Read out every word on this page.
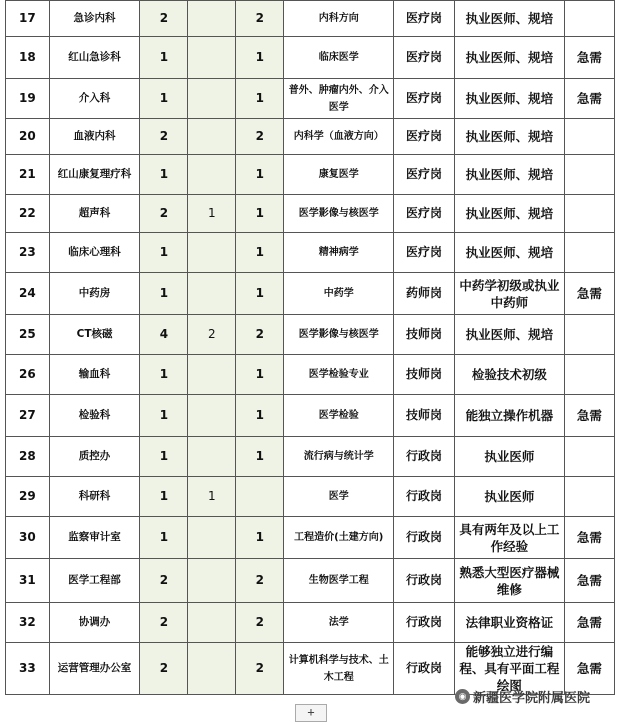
17	急诊内科	2		2	内科方向	医疗岗	执业医师、规培	
18	红山急诊科	1		1	临床医学	医疗岗	执业医师、规培	急需
19	介入科	1		1	普外、肿瘤内外、介入医学	医疗岗	执业医师、规培	急需
20	血液内科	2		2	内科学（血液方向）	医疗岗	执业医师、规培	
21	红山康复理疗科	1		1	康复医学	医疗岗	执业医师、规培	
22	超声科	2	1	1	医学影像与核医学	医疗岗	执业医师、规培	
23	临床心理科	1		1	精神病学	医疗岗	执业医师、规培	
24	中药房	1		1	中药学	药师岗	中药学初级或执业中药师	急需
25	CT核磁	4	2	2	医学影像与核医学	技师岗	执业医师、规培	
26	输血科	1		1	医学检验专业	技师岗	检验技术初级	
27	检验科	1		1	医学检验	技师岗	能独立操作机器	急需
28	质控办	1		1	流行病与统计学	行政岗	执业医师	
29	科研科	1	1		医学	行政岗	执业医师	
30	监察审计室	1		1	工程造价(土建方向)	行政岗	具有两年及以上工作经验	急需
31	医学工程部	2		2	生物医学工程	行政岗	熟悉大型医疗器械维修	急需
32	协调办	2		2	法学	行政岗	法律职业资格证	急需
33	运营管理办公室	2		2	计算机科学与技术、土木工程	行政岗	能够独立进行编程、具有平面工程绘图	急需
◉ 新疆医学院附属医院
+
